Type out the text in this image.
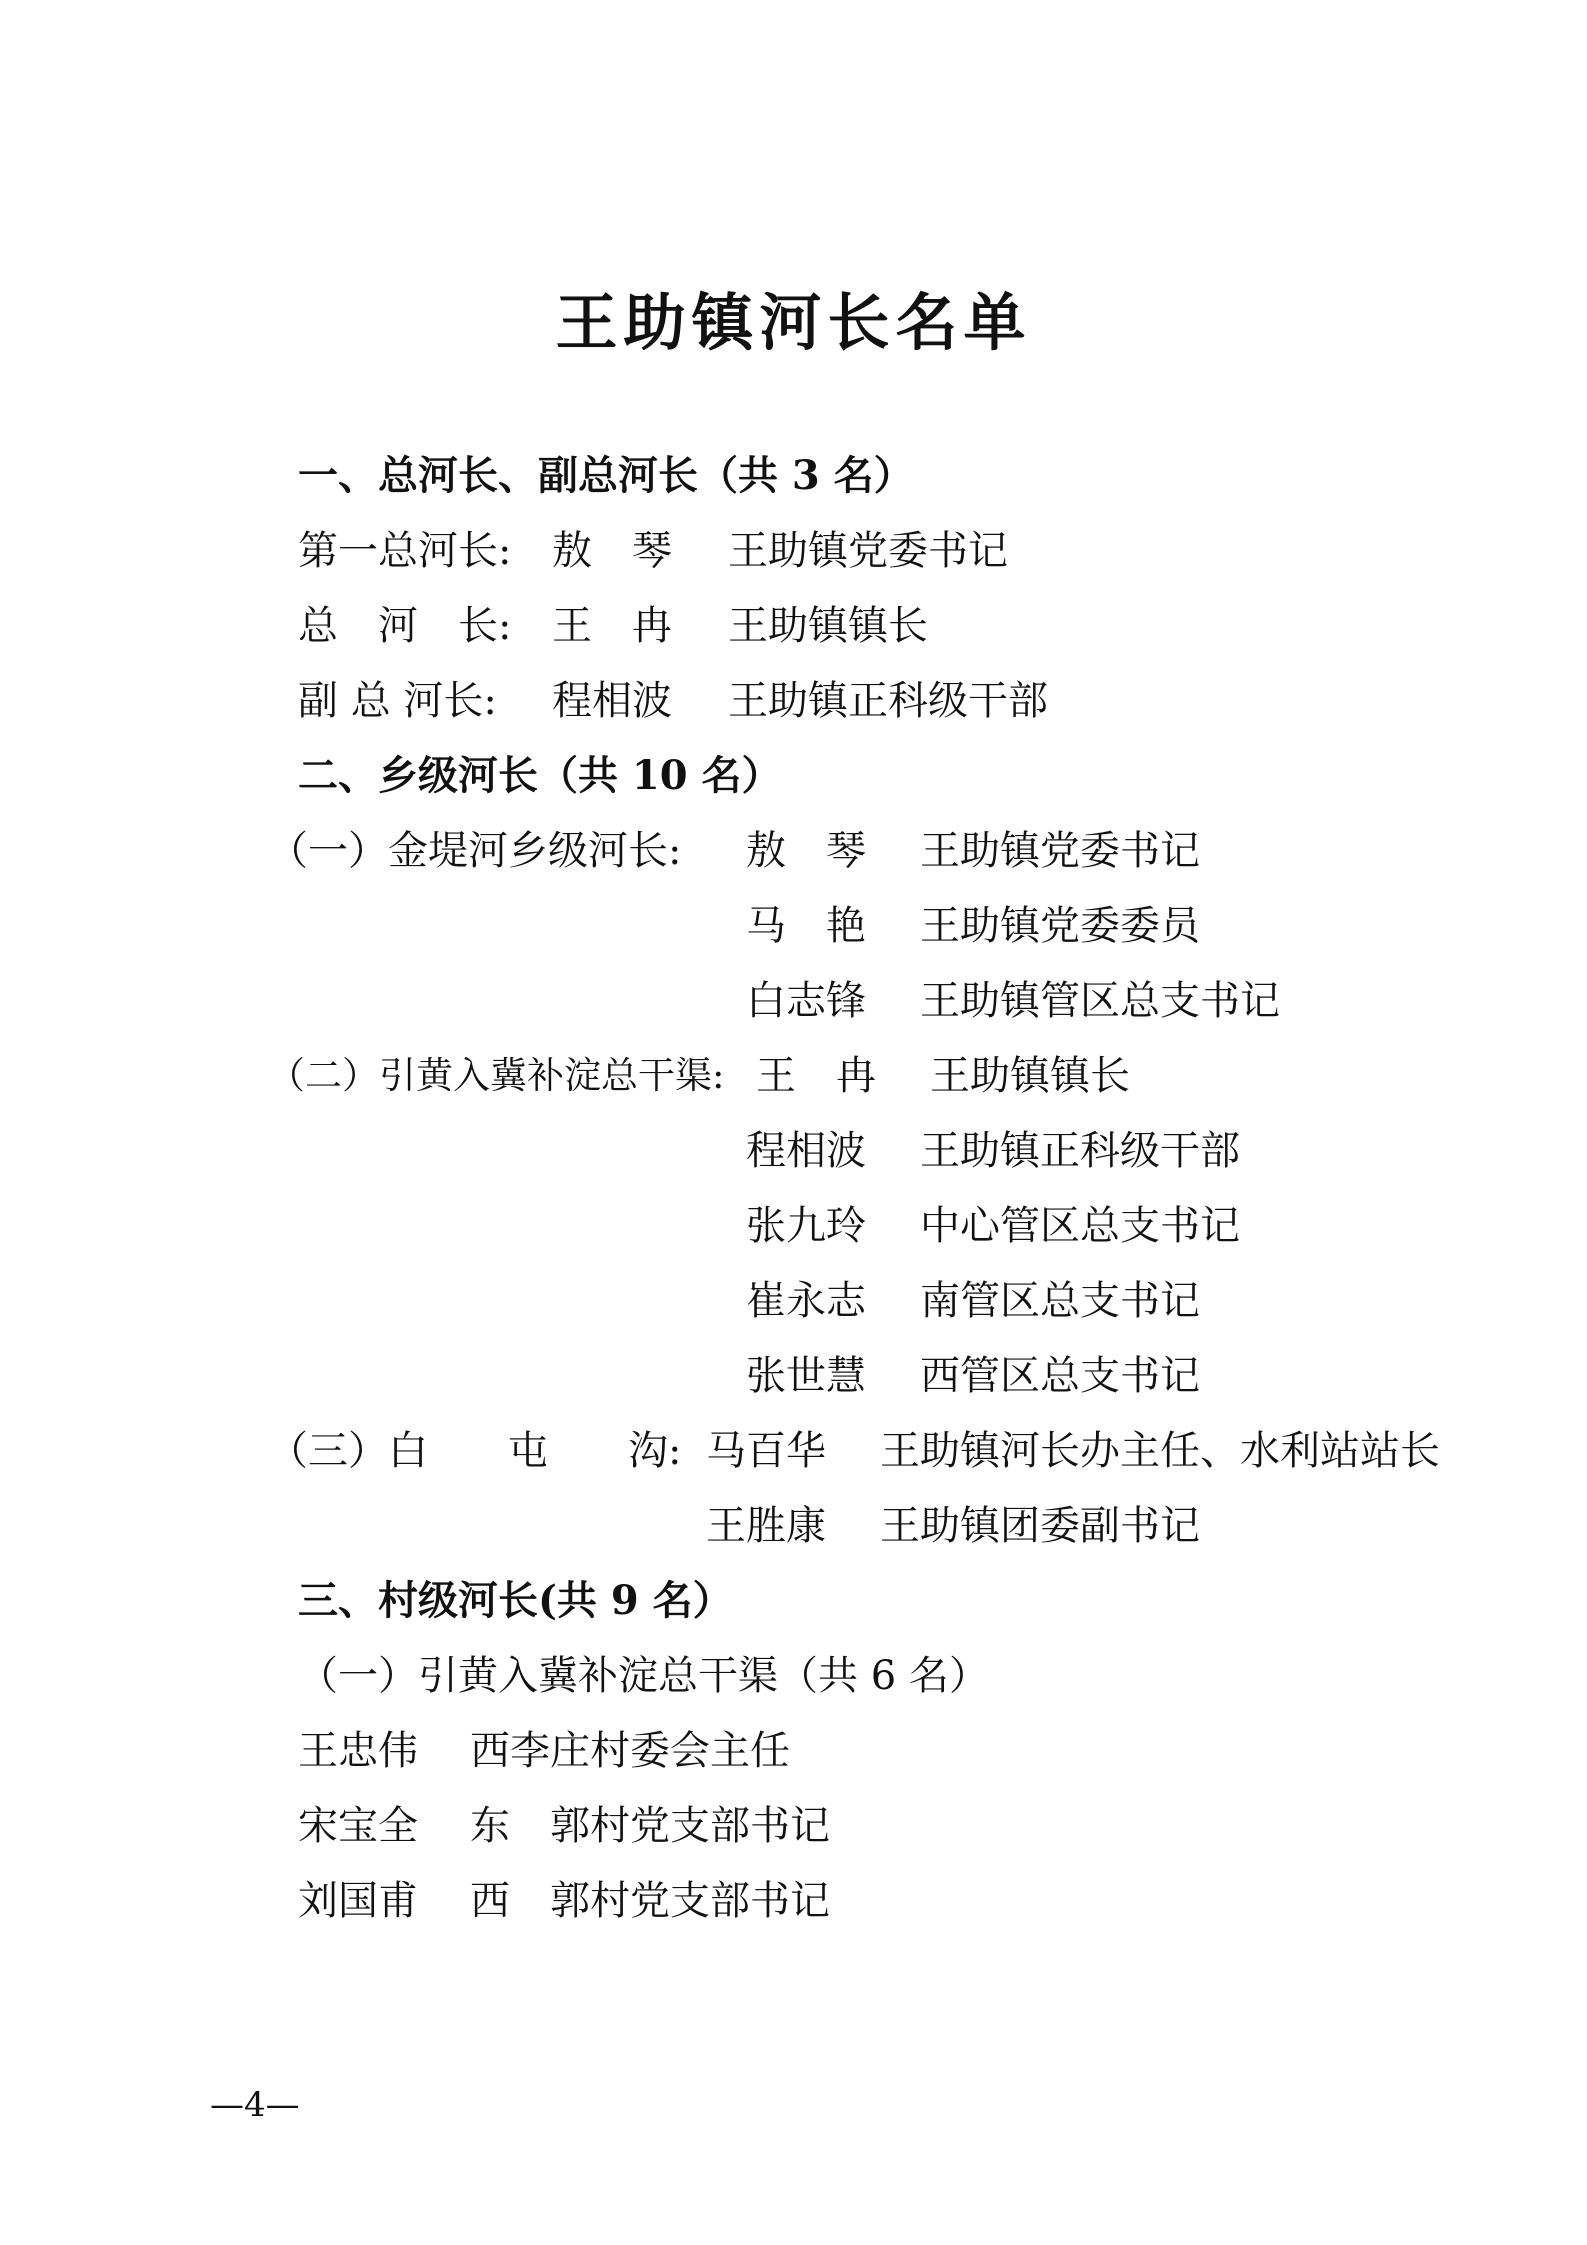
王助镇河长名单
一、总河长、副总河长（共 3 名）
第一总河长: 敖　琴 王助镇党委书记
总　河　长: 王　冉 王助镇镇长
副 总 河长: 程相波 王助镇正科级干部
二、乡级河长（共 10 名）
（一）金堤河乡级河长: 敖　琴 王助镇党委书记
马　艳 王助镇党委委员
白志锋 王助镇管区总支书记
（二）引黄入冀补淀总干渠: 王　冉 王助镇镇长
程相波 王助镇正科级干部
张九玲 中心管区总支书记
崔永志 南管区总支书记
张世慧 西管区总支书记
（三）白　　屯　　沟: 马百华 王助镇河长办主任、水利站站长
王胜康 王助镇团委副书记
三、村级河长(共 9 名）
（一）引黄入冀补淀总干渠（共 6 名）
王忠伟 西李庄村委会主任
宋宝全 东　郭村党支部书记
刘国甫 西　郭村党支部书记
—4—
